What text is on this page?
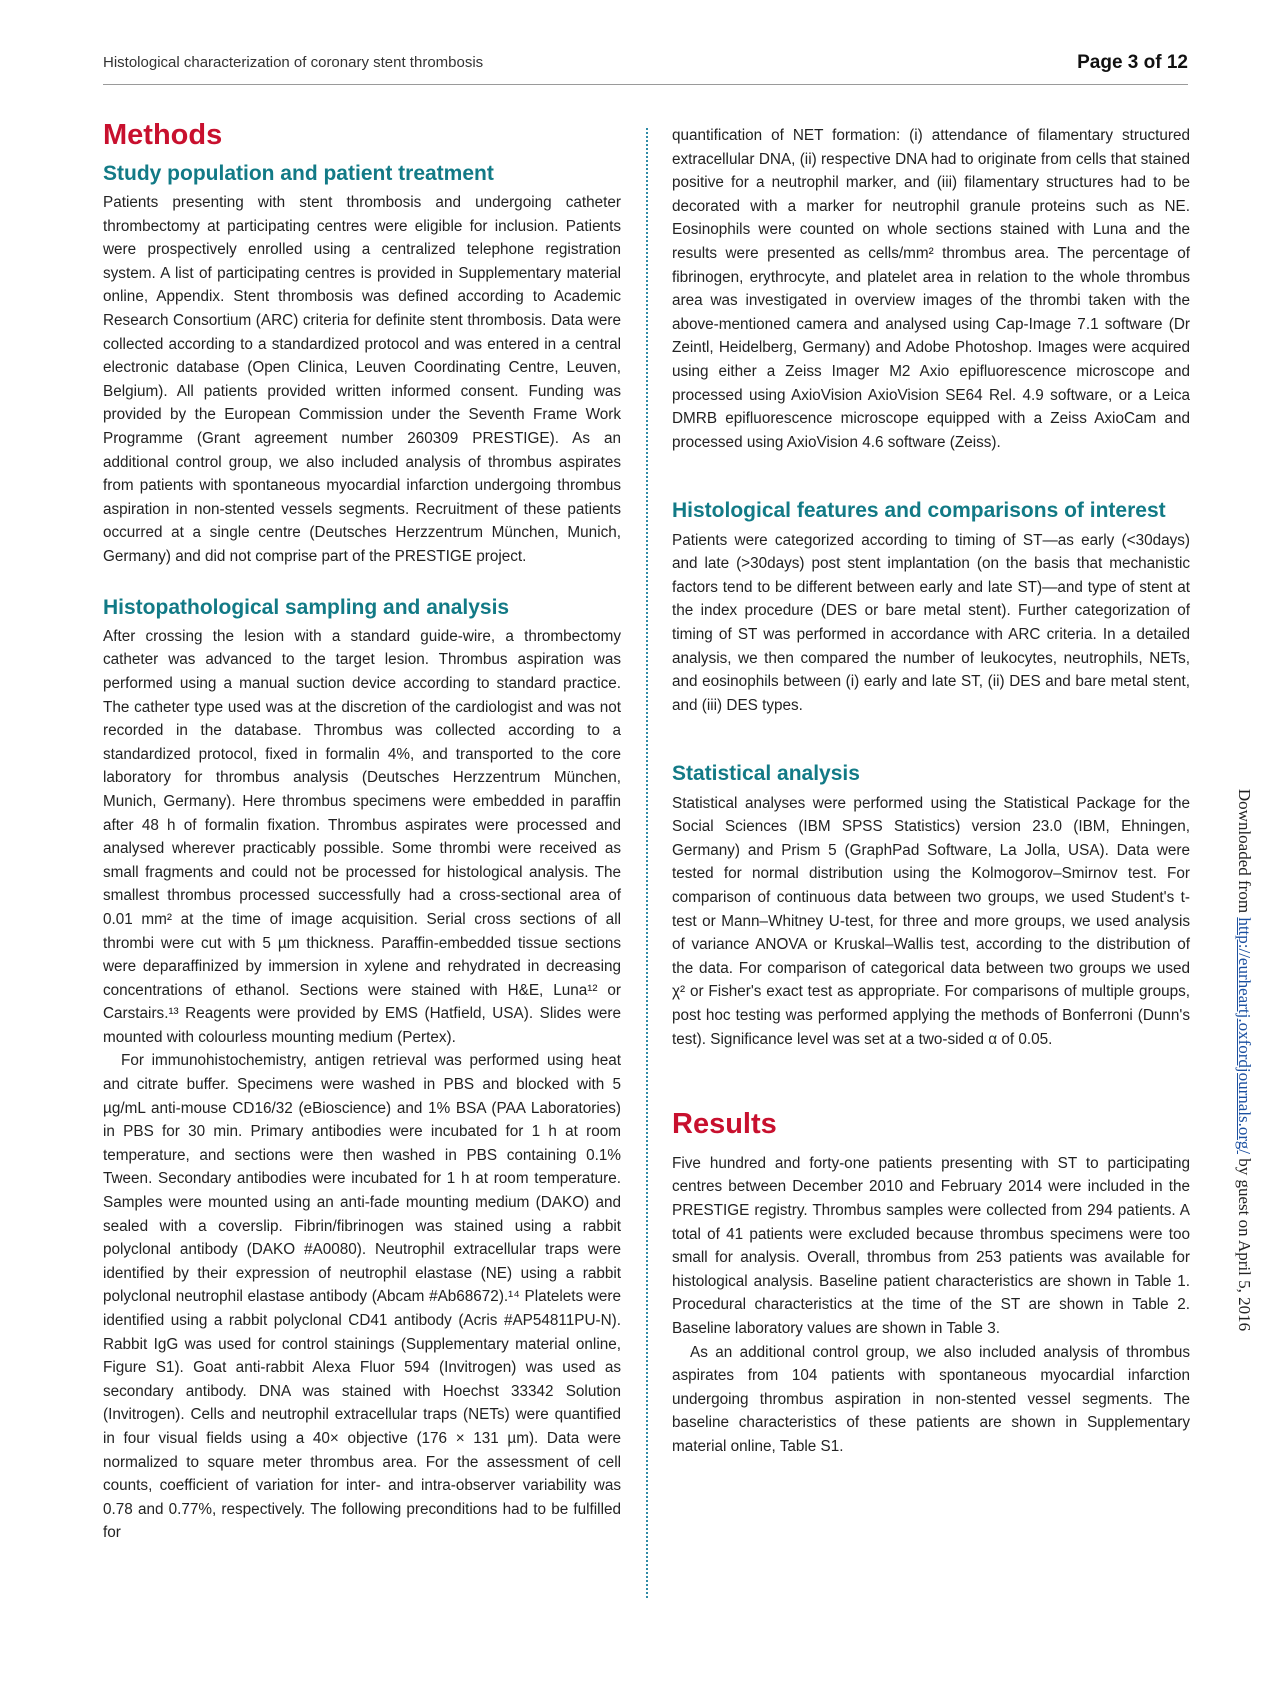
Histological characterization of coronary stent thrombosis	Page 3 of 12
Methods
Study population and patient treatment

Patients presenting with stent thrombosis and undergoing catheter thrombectomy at participating centres were eligible for inclusion. Patients were prospectively enrolled using a centralized telephone registration system. A list of participating centres is provided in Supplementary material online, Appendix. Stent thrombosis was defined according to Academic Research Consortium (ARC) criteria for definite stent thrombosis. Data were collected according to a standardized protocol and was entered in a central electronic database (Open Clinica, Leuven Coordinating Centre, Leuven, Belgium). All patients provided written informed consent. Funding was provided by the European Commission under the Seventh Frame Work Programme (Grant agreement number 260309 PRESTIGE). As an additional control group, we also included analysis of thrombus aspirates from patients with spontaneous myocardial infarction undergoing thrombus aspiration in non-stented vessels segments. Recruitment of these patients occurred at a single centre (Deutsches Herzzentrum München, Munich, Germany) and did not comprise part of the PRESTIGE project.

Histopathological sampling and analysis

After crossing the lesion with a standard guide-wire, a thrombectomy catheter was advanced to the target lesion. Thrombus aspiration was performed using a manual suction device according to standard practice. The catheter type used was at the discretion of the cardiologist and was not recorded in the database. Thrombus was collected according to a standardized protocol, fixed in formalin 4%, and transported to the core laboratory for thrombus analysis (Deutsches Herzzentrum München, Munich, Germany). Here thrombus specimens were embedded in paraffin after 48 h of formalin fixation. Thrombus aspirates were processed and analysed wherever practicably possible. Some thrombi were received as small fragments and could not be processed for histological analysis. The smallest thrombus processed successfully had a cross-sectional area of 0.01 mm² at the time of image acquisition. Serial cross sections of all thrombi were cut with 5 µm thickness. Paraffin-embedded tissue sections were deparaffinized by immersion in xylene and rehydrated in decreasing concentrations of ethanol. Sections were stained with H&E, Luna¹² or Carstairs.¹³ Reagents were provided by EMS (Hatfield, USA). Slides were mounted with colourless mounting medium (Pertex).

For immunohistochemistry, antigen retrieval was performed using heat and citrate buffer. Specimens were washed in PBS and blocked with 5 µg/mL anti-mouse CD16/32 (eBioscience) and 1% BSA (PAA Laboratories) in PBS for 30 min. Primary antibodies were incubated for 1 h at room temperature, and sections were then washed in PBS containing 0.1% Tween. Secondary antibodies were incubated for 1 h at room temperature. Samples were mounted using an anti-fade mounting medium (DAKO) and sealed with a coverslip. Fibrin/fibrinogen was stained using a rabbit polyclonal antibody (DAKO #A0080). Neutrophil extracellular traps were identified by their expression of neutrophil elastase (NE) using a rabbit polyclonal neutrophil elastase antibody (Abcam #Ab68672).¹⁴ Platelets were identified using a rabbit polyclonal CD41 antibody (Acris #AP54811PU-N). Rabbit IgG was used for control stainings (Supplementary material online, Figure S1). Goat anti-rabbit Alexa Fluor 594 (Invitrogen) was used as secondary antibody. DNA was stained with Hoechst 33342 Solution (Invitrogen). Cells and neutrophil extracellular traps (NETs) were quantified in four visual fields using a 40× objective (176 × 131 µm). Data were normalized to square meter thrombus area. For the assessment of cell counts, coefficient of variation for inter- and intra-observer variability was 0.78 and 0.77%, respectively. The following preconditions had to be fulfilled for

quantification of NET formation: (i) attendance of filamentary structured extracellular DNA, (ii) respective DNA had to originate from cells that stained positive for a neutrophil marker, and (iii) filamentary structures had to be decorated with a marker for neutrophil granule proteins such as NE. Eosinophils were counted on whole sections stained with Luna and the results were presented as cells/mm² thrombus area. The percentage of fibrinogen, erythrocyte, and platelet area in relation to the whole thrombus area was investigated in overview images of the thrombi taken with the above-mentioned camera and analysed using Cap-Image 7.1 software (Dr Zeintl, Heidelberg, Germany) and Adobe Photoshop. Images were acquired using either a Zeiss Imager M2 Axio epifluorescence microscope and processed using AxioVision AxioVision SE64 Rel. 4.9 software, or a Leica DMRB epifluorescence microscope equipped with a Zeiss AxioCam and processed using AxioVision 4.6 software (Zeiss).

Histological features and comparisons of interest

Patients were categorized according to timing of ST—as early (<30days) and late (>30days) post stent implantation (on the basis that mechanistic factors tend to be different between early and late ST)—and type of stent at the index procedure (DES or bare metal stent). Further categorization of timing of ST was performed in accordance with ARC criteria. In a detailed analysis, we then compared the number of leukocytes, neutrophils, NETs, and eosinophils between (i) early and late ST, (ii) DES and bare metal stent, and (iii) DES types.

Statistical analysis

Statistical analyses were performed using the Statistical Package for the Social Sciences (IBM SPSS Statistics) version 23.0 (IBM, Ehningen, Germany) and Prism 5 (GraphPad Software, La Jolla, USA). Data were tested for normal distribution using the Kolmogorov–Smirnov test. For comparison of continuous data between two groups, we used Student's t-test or Mann–Whitney U-test, for three and more groups, we used analysis of variance ANOVA or Kruskal–Wallis test, according to the distribution of the data. For comparison of categorical data between two groups we used χ² or Fisher's exact test as appropriate. For comparisons of multiple groups, post hoc testing was performed applying the methods of Bonferroni (Dunn's test). Significance level was set at a two-sided α of 0.05.

Results

Five hundred and forty-one patients presenting with ST to participating centres between December 2010 and February 2014 were included in the PRESTIGE registry. Thrombus samples were collected from 294 patients. A total of 41 patients were excluded because thrombus specimens were too small for analysis. Overall, thrombus from 253 patients was available for histological analysis. Baseline patient characteristics are shown in Table 1. Procedural characteristics at the time of the ST are shown in Table 2. Baseline laboratory values are shown in Table 3.

As an additional control group, we also included analysis of thrombus aspirates from 104 patients with spontaneous myocardial infarction undergoing thrombus aspiration in non-stented vessel segments. The baseline characteristics of these patients are shown in Supplementary material online, Table S1.

Downloaded from http://eurheartj.oxfordjournals.org/ by guest on April 5, 2016
